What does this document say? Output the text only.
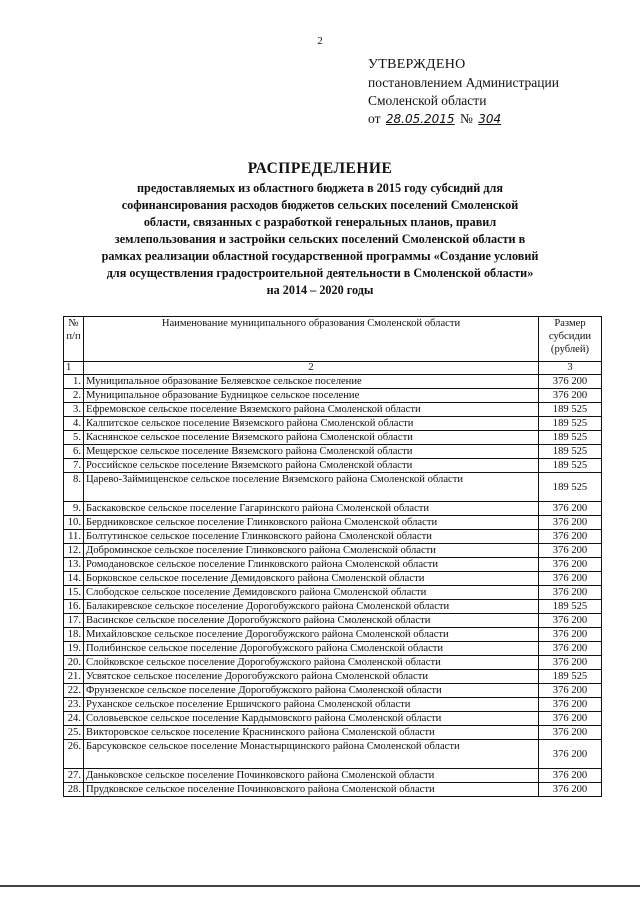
2
УТВЕРЖДЕНО
постановлением Администрации
Смоленской области
от 28.05.2015 № 304
РАСПРЕДЕЛЕНИЕ
предоставляемых из областного бюджета в 2015 году субсидий для софинансирования расходов бюджетов сельских поселений Смоленской области, связанных с разработкой генеральных планов, правил землепользования и застройки сельских поселений Смоленской области в рамках реализации областной государственной программы «Создание условий для осуществления градостроительной деятельности в Смоленской области» на 2014 – 2020 годы
№ п/п	Наименование муниципального образования Смоленской области	Размер субсидии (рублей)
1	2	3
1.	Муниципальное образование Беляевское сельское поселение	376 200
2.	Муниципальное образование Будницкое сельское поселение	376 200
3.	Ефремовское сельское поселение Вяземского района Смоленской области	189 525
4.	Калпитское сельское поселение Вяземского района Смоленской области	189 525
5.	Каснянское сельское поселение Вяземского района Смоленской области	189 525
6.	Мещерское сельское поселение Вяземского района Смоленской области	189 525
7.	Российское сельское поселение Вяземского района Смоленской области	189 525
8.	Царево-Займищенское сельское поселение Вяземского района Смоленской области	189 525
9.	Баскаковское сельское поселение Гагаринского района Смоленской области	376 200
10.	Бердниковское сельское поселение Глинковского района Смоленской области	376 200
11.	Болтутинское сельское поселение Глинковского района Смоленской области	376 200
12.	Доброминское сельское поселение Глинковского района Смоленской области	376 200
13.	Ромодановское сельское поселение Глинковского района Смоленской области	376 200
14.	Борковское сельское поселение Демидовского района Смоленской области	376 200
15.	Слободское сельское поселение Демидовского района Смоленской области	376 200
16.	Балакиревское сельское поселение Дорогобужского района Смоленской области	189 525
17.	Васинское сельское поселение Дорогобужского района Смоленской области	376 200
18.	Михайловское сельское поселение Дорогобужского района Смоленской области	376 200
19.	Полибинское сельское поселение Дорогобужского района Смоленской области	376 200
20.	Слойковское сельское поселение Дорогобужского района Смоленской области	376 200
21.	Усвятское сельское поселение Дорогобужского района Смоленской области	189 525
22.	Фрунзенское сельское поселение Дорогобужского района Смоленской области	376 200
23.	Руханское сельское поселение Ершичского района Смоленской области	376 200
24.	Соловьевское сельское поселение Кардымовского района Смоленской области	376 200
25.	Викторовское сельское поселение Краснинского района Смоленской области	376 200
26.	Барсуковское сельское поселение Монастырщинского района Смоленской области	376 200
27.	Даньковское сельское поселение Починковского района Смоленской области	376 200
28.	Прудковское сельское поселение Починковского района Смоленской области	376 200
